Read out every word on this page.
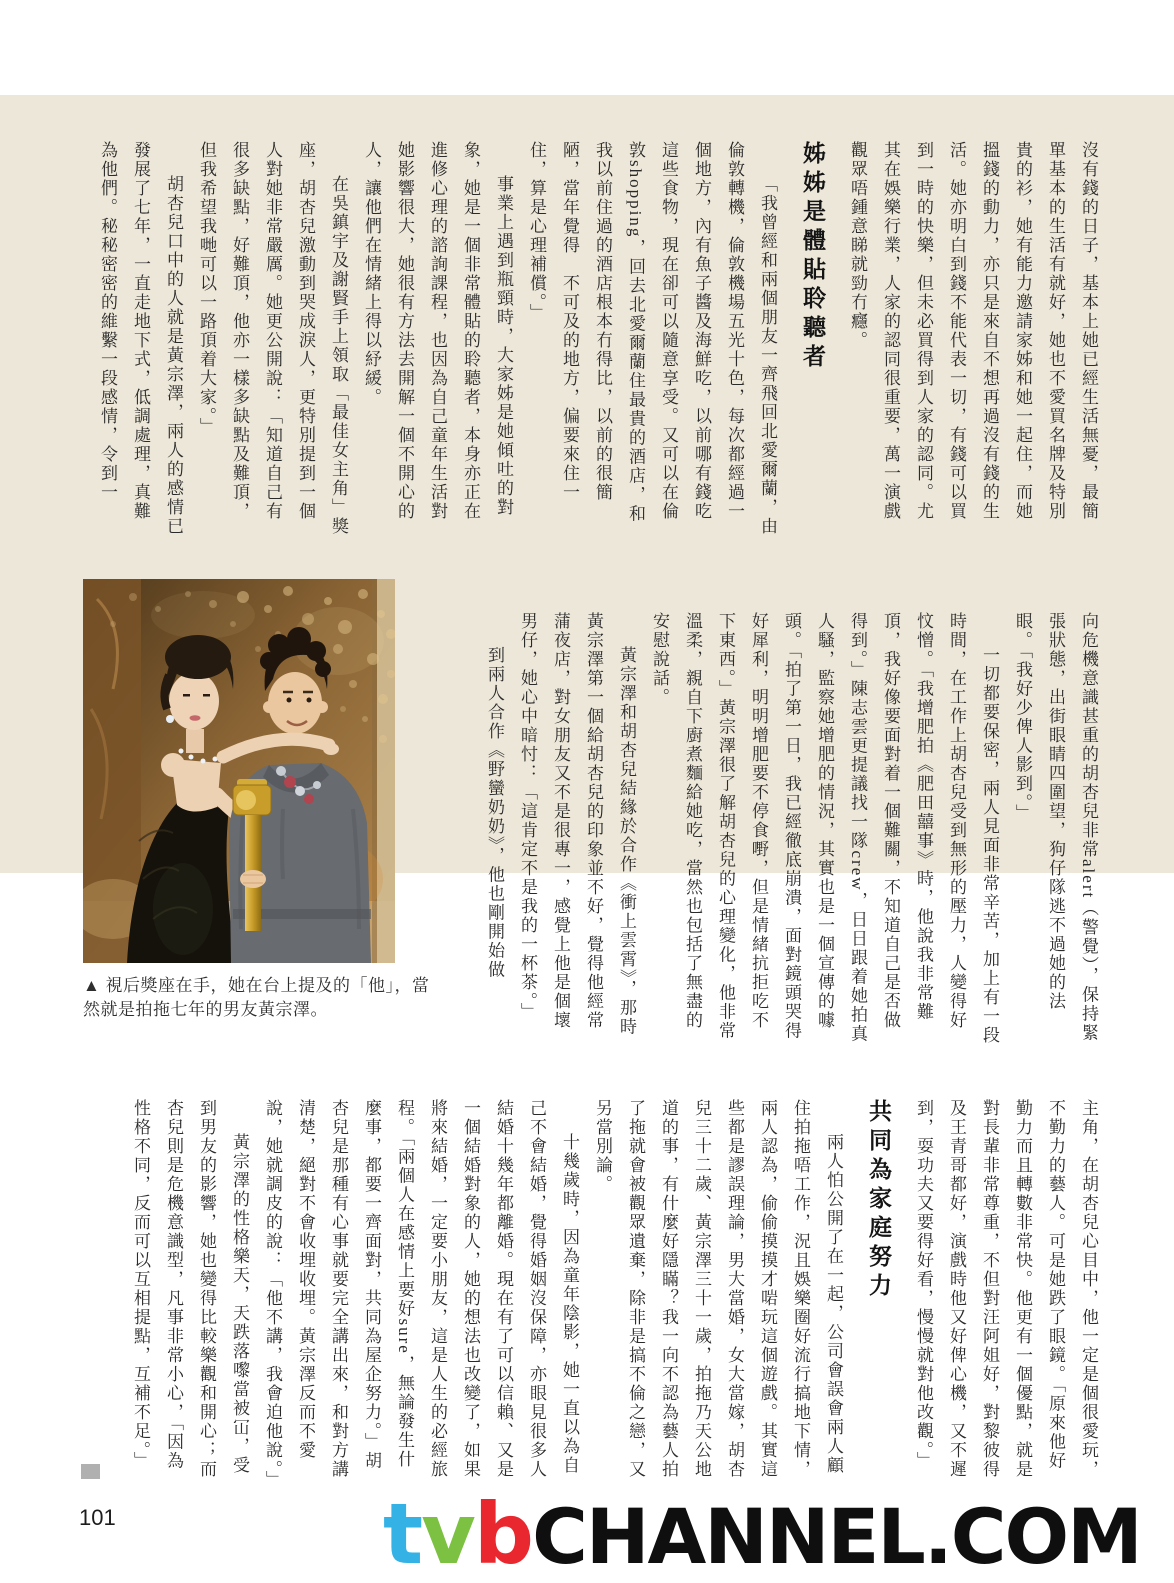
tvbCHANNEL.COM

沒有錢的日子，基本上她已經生活無憂，最簡單基本的生活有就好，她也不愛買名牌及特別貴的衫，她有能力邀請家姊和她一起住，而她搵錢的動力，亦只是來自不想再過沒有錢的生活。她亦明白到錢不能代表一切，有錢可以買到一時的快樂，但未必買得到人家的認同。尤其在娛樂行業，人家的認同很重要，萬一演戲觀眾唔鍾意睇就勁冇癮。

姊姊是體貼聆聽者

「我曾經和兩個朋友一齊飛回北愛爾蘭，由倫敦轉機，倫敦機場五光十色，每次都經過一個地方，內有魚子醬及海鮮吃，以前哪有錢吃這些食物，現在卻可以隨意享受。又可以在倫敦shopping，回去北愛爾蘭住最貴的酒店，和我以前住過的酒店根本冇得比，以前的很簡陋，當年覺得　不可及的地方，偏要來住一住，算是心理補償。」

事業上遇到瓶頸時，大家姊是她傾吐的對象，她是一個非常體貼的聆聽者，本身亦正在進修心理的諮詢課程，也因為自己童年生活對她影響很大，她很有方法去開解一個不開心的人，讓他們在情緒上得以紓緩。

在吳鎮宇及謝賢手上領取「最佳女主角」獎座，胡杏兒激動到哭成淚人，更特別提到一個人對她非常嚴厲。她更公開說：「知道自己有很多缺點，好難頂，他亦一樣多缺點及難頂，但我希望我哋可以一路頂着大家。」

胡杏兒口中的人就是黃宗澤，兩人的感情已發展了七年，一直走地下式，低調處理，真難為他們。秘秘密密的維繫一段感情，令到一

▲ 視后獎座在手，她在台上提及的「他」，當然就是拍拖七年的男友黃宗澤。	向危機意識甚重的胡杏兒非常alert（警覺），保持緊張狀態，出街眼睛四圍望，狗仔隊逃不過她的法眼。「我好少俾人影到。」

一切都要保密，兩人見面非常辛苦，加上有一段時間，在工作上胡杏兒受到無形的壓力，人變得好忟憎。「我增肥拍《肥田囍事》時，他說我非常難頂，我好像要面對着一個難關，不知道自己是否做得到。」陳志雲更提議找一隊crew，日日跟着她拍真人騷，監察她增肥的情況，其實也是一個宣傳的噱頭。「拍了第一日，我已經徹底崩潰，面對鏡頭哭得好犀利，明明增肥要不停食嘢，但是情緒抗拒吃不下東西。」黃宗澤很了解胡杏兒的心理變化，他非常溫柔，親自下廚煮麵給她吃，當然也包括了無盡的安慰說話。

黃宗澤和胡杏兒結緣於合作《衝上雲霄》，那時黃宗澤第一個給胡杏兒的印象並不好，覺得他經常蒲夜店，對女朋友又不是很專一，感覺上他是個壞男仔，她心中暗忖：「這肯定不是我的一杯茶。」

到兩人合作《野蠻奶奶》，他也剛開始做

主角，在胡杏兒心目中，他一定是個很愛玩，不勤力的藝人。可是她跌了眼鏡。「原來他好勤力而且轉數非常快。他更有一個優點，就是對長輩非常尊重，不但對汪阿姐好，對黎彼得及王青哥都好，演戲時他又好俾心機，又不遲到，耍功夫又要得好看，慢慢就對他改觀。」

共同為家庭努力

兩人怕公開了在一起，公司會誤會兩人顧住拍拖唔工作，況且娛樂圈好流行搞地下情，兩人認為，偷偷摸摸才啱玩這個遊戲。其實這些都是謬誤理論，男大當婚，女大當嫁，胡杏兒三十二歲、黃宗澤三十一歲，拍拖乃天公地道的事，有什麼好隱瞞？我一向不認為藝人拍了拖就會被觀眾遺棄，除非是搞不倫之戀，又另當別論。

十幾歲時，因為童年陰影，她一直以為自己不會結婚，覺得婚姻沒保障，亦眼見很多人結婚十幾年都離婚。現在有了可以信賴、又是一個結婚對象的人，她的想法也改變了，如果將來結婚，一定要小朋友，這是人生的必經旅程。「兩個人在感情上要好sure，無論發生什麼事，都要一齊面對，共同為屋企努力。」胡杏兒是那種有心事就要完全講出來，和對方講清楚，絕對不會收埋收埋。黃宗澤反而不愛說，她就調皮的說：「他不講，我會迫他說。」

黃宗澤的性格樂天，天跌落嚟當被冚，受到男友的影響，她也變得比較樂觀和開心；而杏兒則是危機意識型，凡事非常小心，「因為性格不同，反而可以互相提點，互補不足。」

101
